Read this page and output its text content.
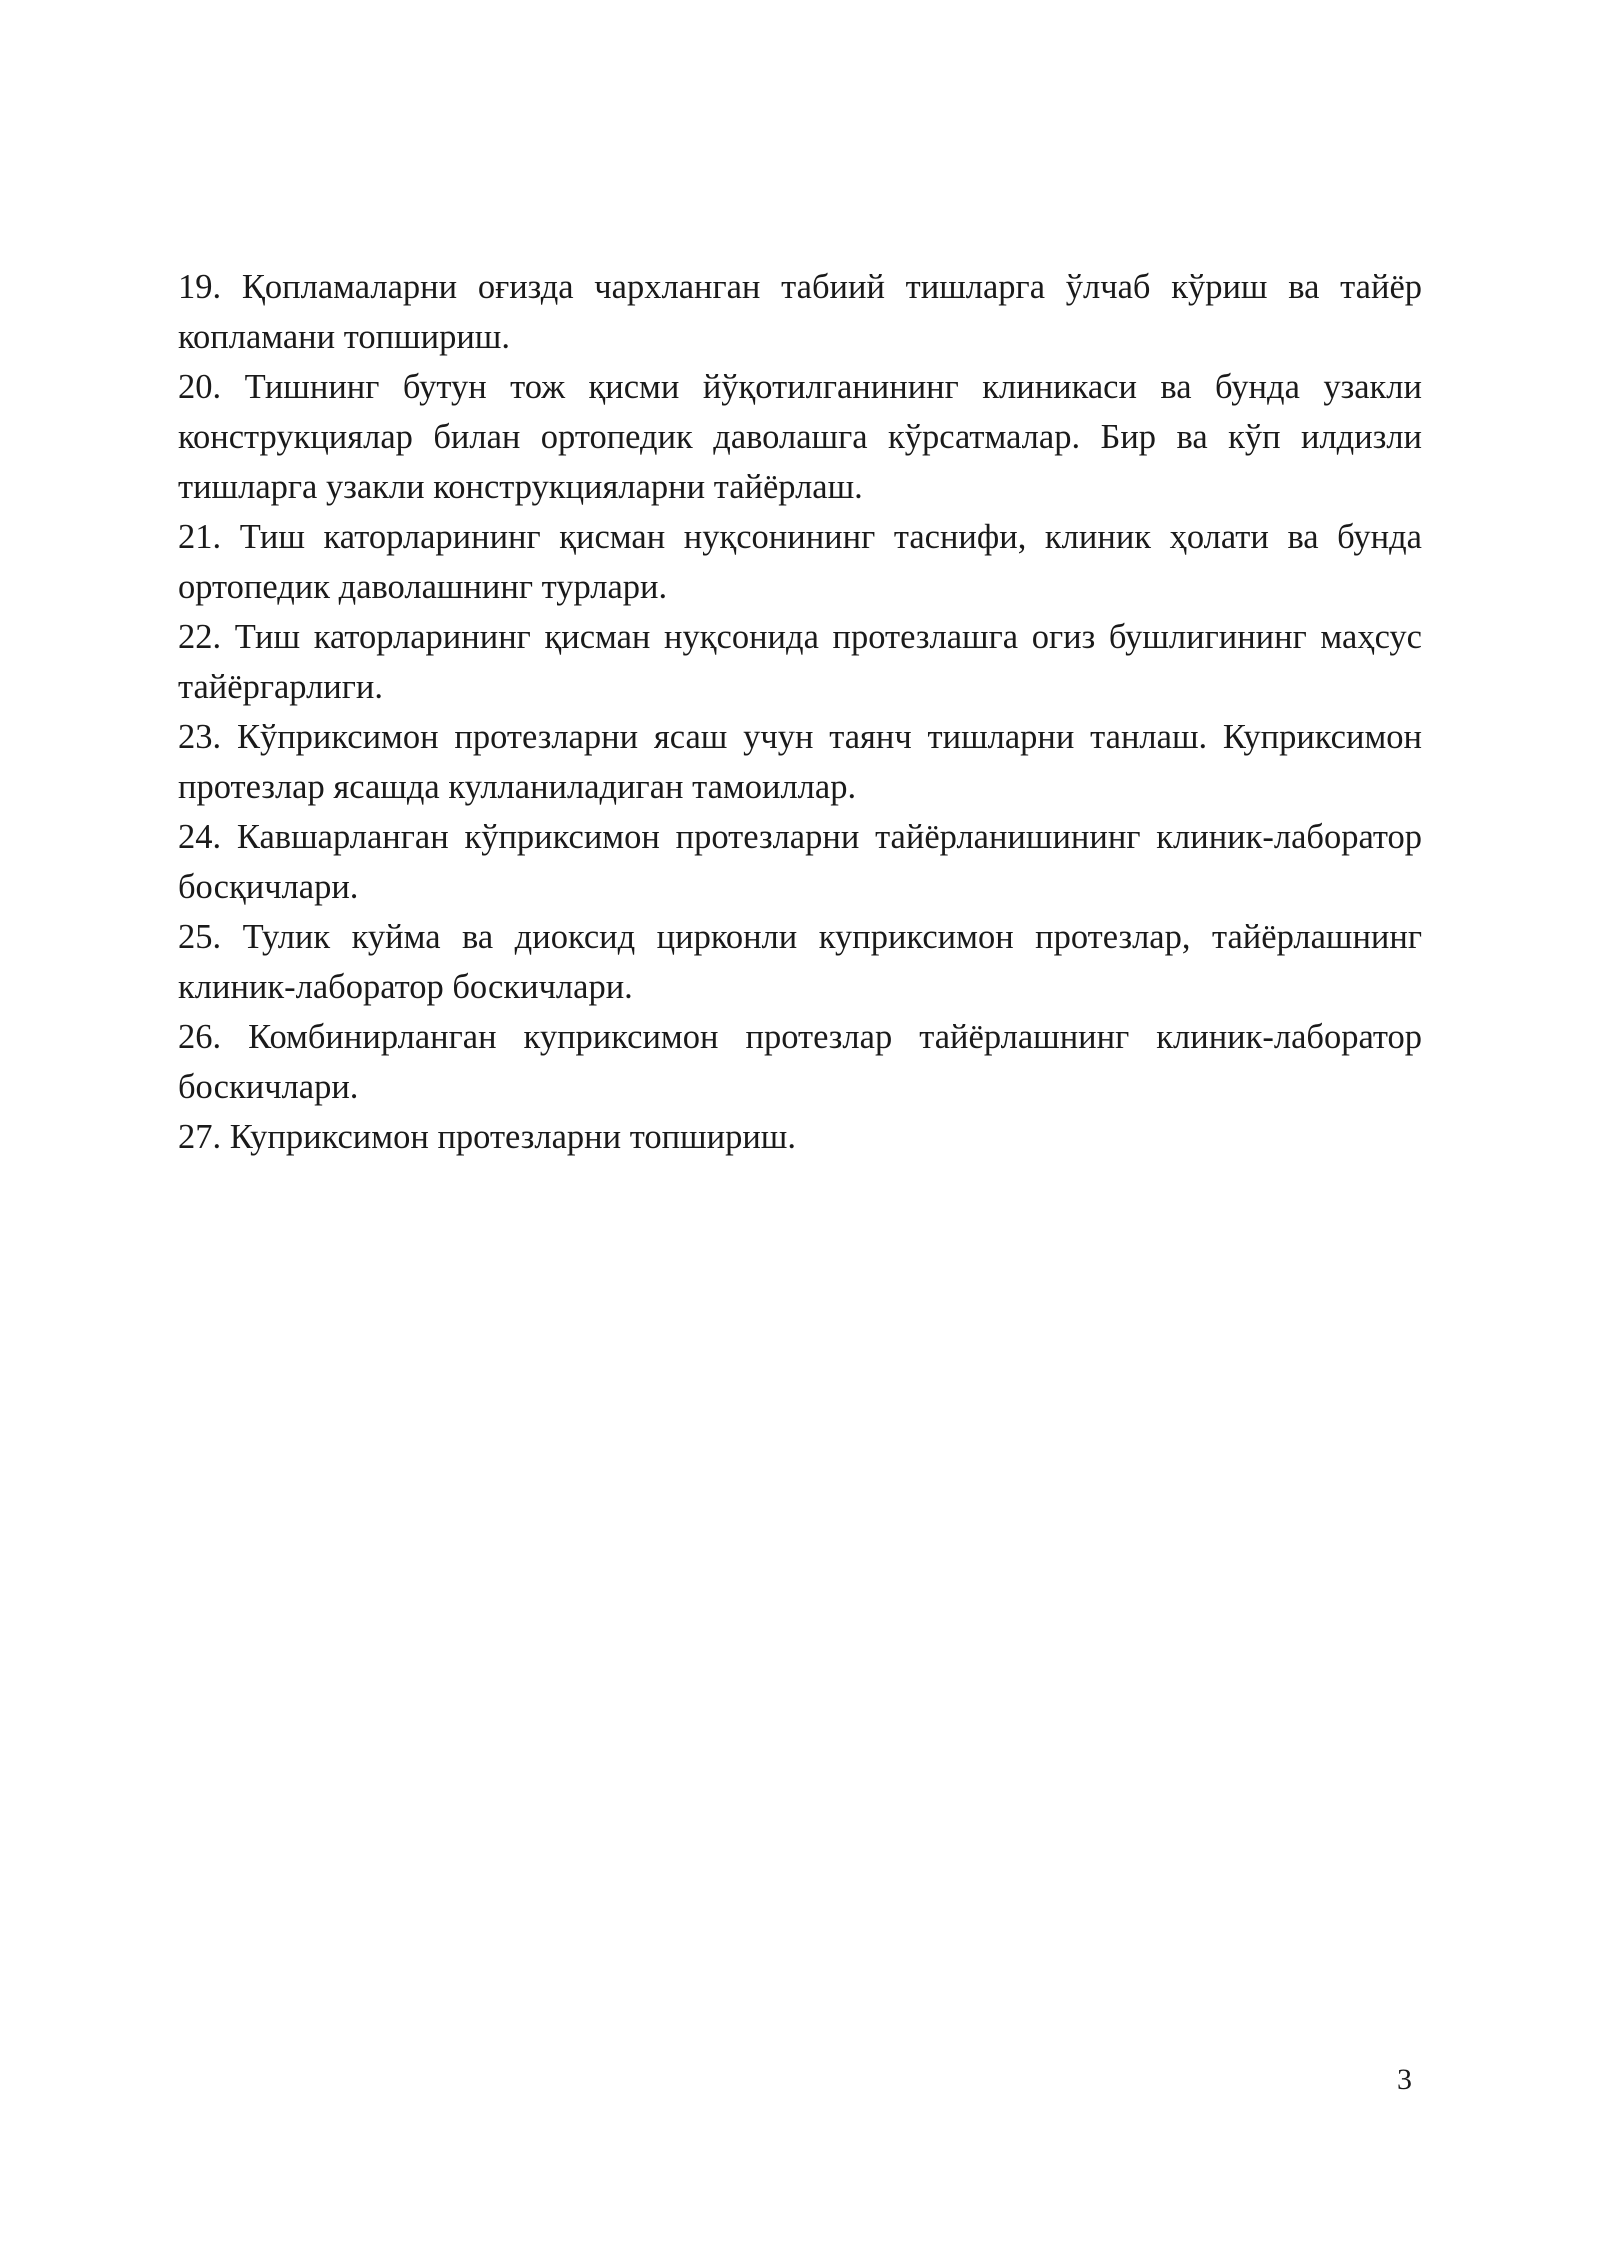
19. Қопламаларни оғизда чархланган табиий тишларга ўлчаб кўриш ва тайёр копламани топшириш.

20. Тишнинг бутун тож қисми йўқотилганининг клиникаси ва бунда узакли конструкциялар билан ортопедик даволашга кўрсатмалар. Бир ва кўп илдизли тишларга узакли конструкцияларни тайёрлаш.

21. Тиш каторларининг қисман нуқсонининг таснифи, клиник ҳолати ва бунда ортопедик даволашнинг турлари.

22. Тиш каторларининг қисман нуқсонида протезлашга огиз бушлигининг маҳсус тайёргарлиги.

23. Кўприксимон протезларни ясаш учун таянч тишларни танлаш. Куприксимон протезлар ясашда кулланиладиган тамоиллар.

24. Кавшарланган кўприксимон протезларни тайёрланишининг клиник-лаборатор босқичлари.

25. Тулик куйма ва диоксид цирконли куприксимон протезлар, тайёрлашнинг клиник-лаборатор боскичлари.

26. Комбинирланган куприксимон протезлар тайёрлашнинг клиник-лаборатор боскичлари.

27. Куприксимон протезларни топшириш.

3
